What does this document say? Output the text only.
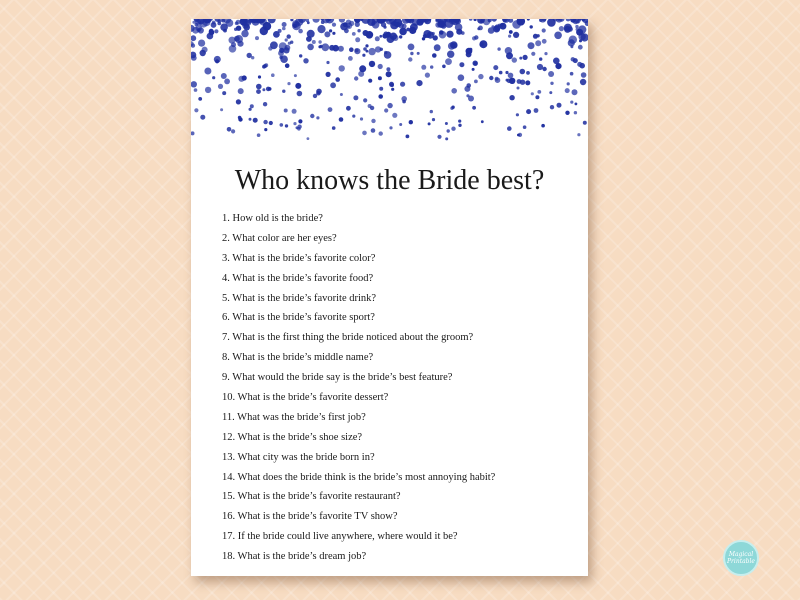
Who knows the Bride best?
1. How old is the bride?
2. What color are her eyes?
3. What is the bride’s favorite color?
4. What is the bride’s favorite food?
5. What is the bride’s favorite drink?
6. What is the bride’s favorite sport?
7. What is the first thing the bride noticed about the groom?
8. What is the bride’s middle name?
9. What would the bride say is the bride’s best feature?
10. What is the bride’s favorite dessert?
11. What was the bride’s first job?
12. What is the bride’s shoe size?
13. What city was the bride born in?
14. What does the bride think is the bride’s most annoying habit?
15. What is the bride’s favorite restaurant?
16. What is the bride’s favorite TV show?
17. If the bride could live anywhere, where would it be?
18. What is the bride’s dream job?	Magical
Printable
